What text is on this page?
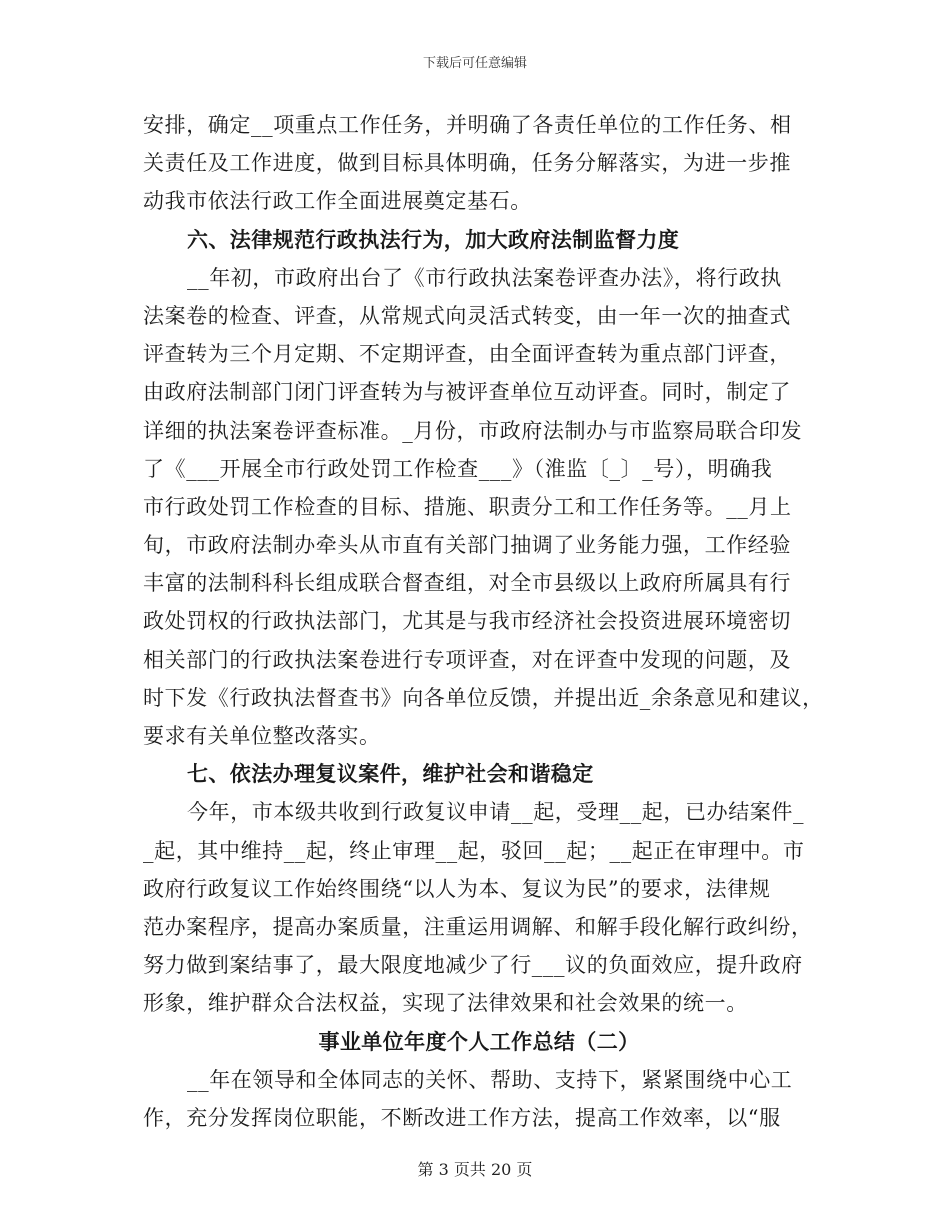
下载后可任意编辑
安排，确定__项重点工作任务，并明确了各责任单位的工作任务、相
关责任及工作进度，做到目标具体明确，任务分解落实，为进一步推
动我市依法行政工作全面进展奠定基石。
六、法律规范行政执法行为，加大政府法制监督力度
__年初，市政府出台了《市行政执法案卷评查办法》，将行政执
法案卷的检查、评查，从常规式向灵活式转变，由一年一次的抽查式
评查转为三个月定期、不定期评查，由全面评查转为重点部门评查，
由政府法制部门闭门评查转为与被评查单位互动评查。同时，制定了
详细的执法案卷评查标准。_月份，市政府法制办与市监察局联合印发
了《___开展全市行政处罚工作检查___》（淮监〔_〕_号），明确我
市行政处罚工作检查的目标、措施、职责分工和工作任务等。__月上
旬，市政府法制办牵头从市直有关部门抽调了业务能力强，工作经验
丰富的法制科科长组成联合督查组，对全市县级以上政府所属具有行
政处罚权的行政执法部门，尤其是与我市经济社会投资进展环境密切
相关部门的行政执法案卷进行专项评查，对在评查中发现的问题，及
时下发《行政执法督查书》向各单位反馈，并提出近_余条意见和建议，
要求有关单位整改落实。
七、依法办理复议案件，维护社会和谐稳定
今年，市本级共收到行政复议申请__起，受理__起，已办结案件_
_起，其中维持__起，终止审理__起，驳回__起；__起正在审理中。市
政府行政复议工作始终围绕“以人为本、复议为民”的要求，法律规
范办案程序，提高办案质量，注重运用调解、和解手段化解行政纠纷，
努力做到案结事了，最大限度地减少了行___议的负面效应，提升政府
形象，维护群众合法权益，实现了法律效果和社会效果的统一。
事业单位年度个人工作总结（二）
__年在领导和全体同志的关怀、帮助、支持下，紧紧围绕中心工
作，充分发挥岗位职能，不断改进工作方法，提高工作效率，以“服
第 3 页共 20 页
